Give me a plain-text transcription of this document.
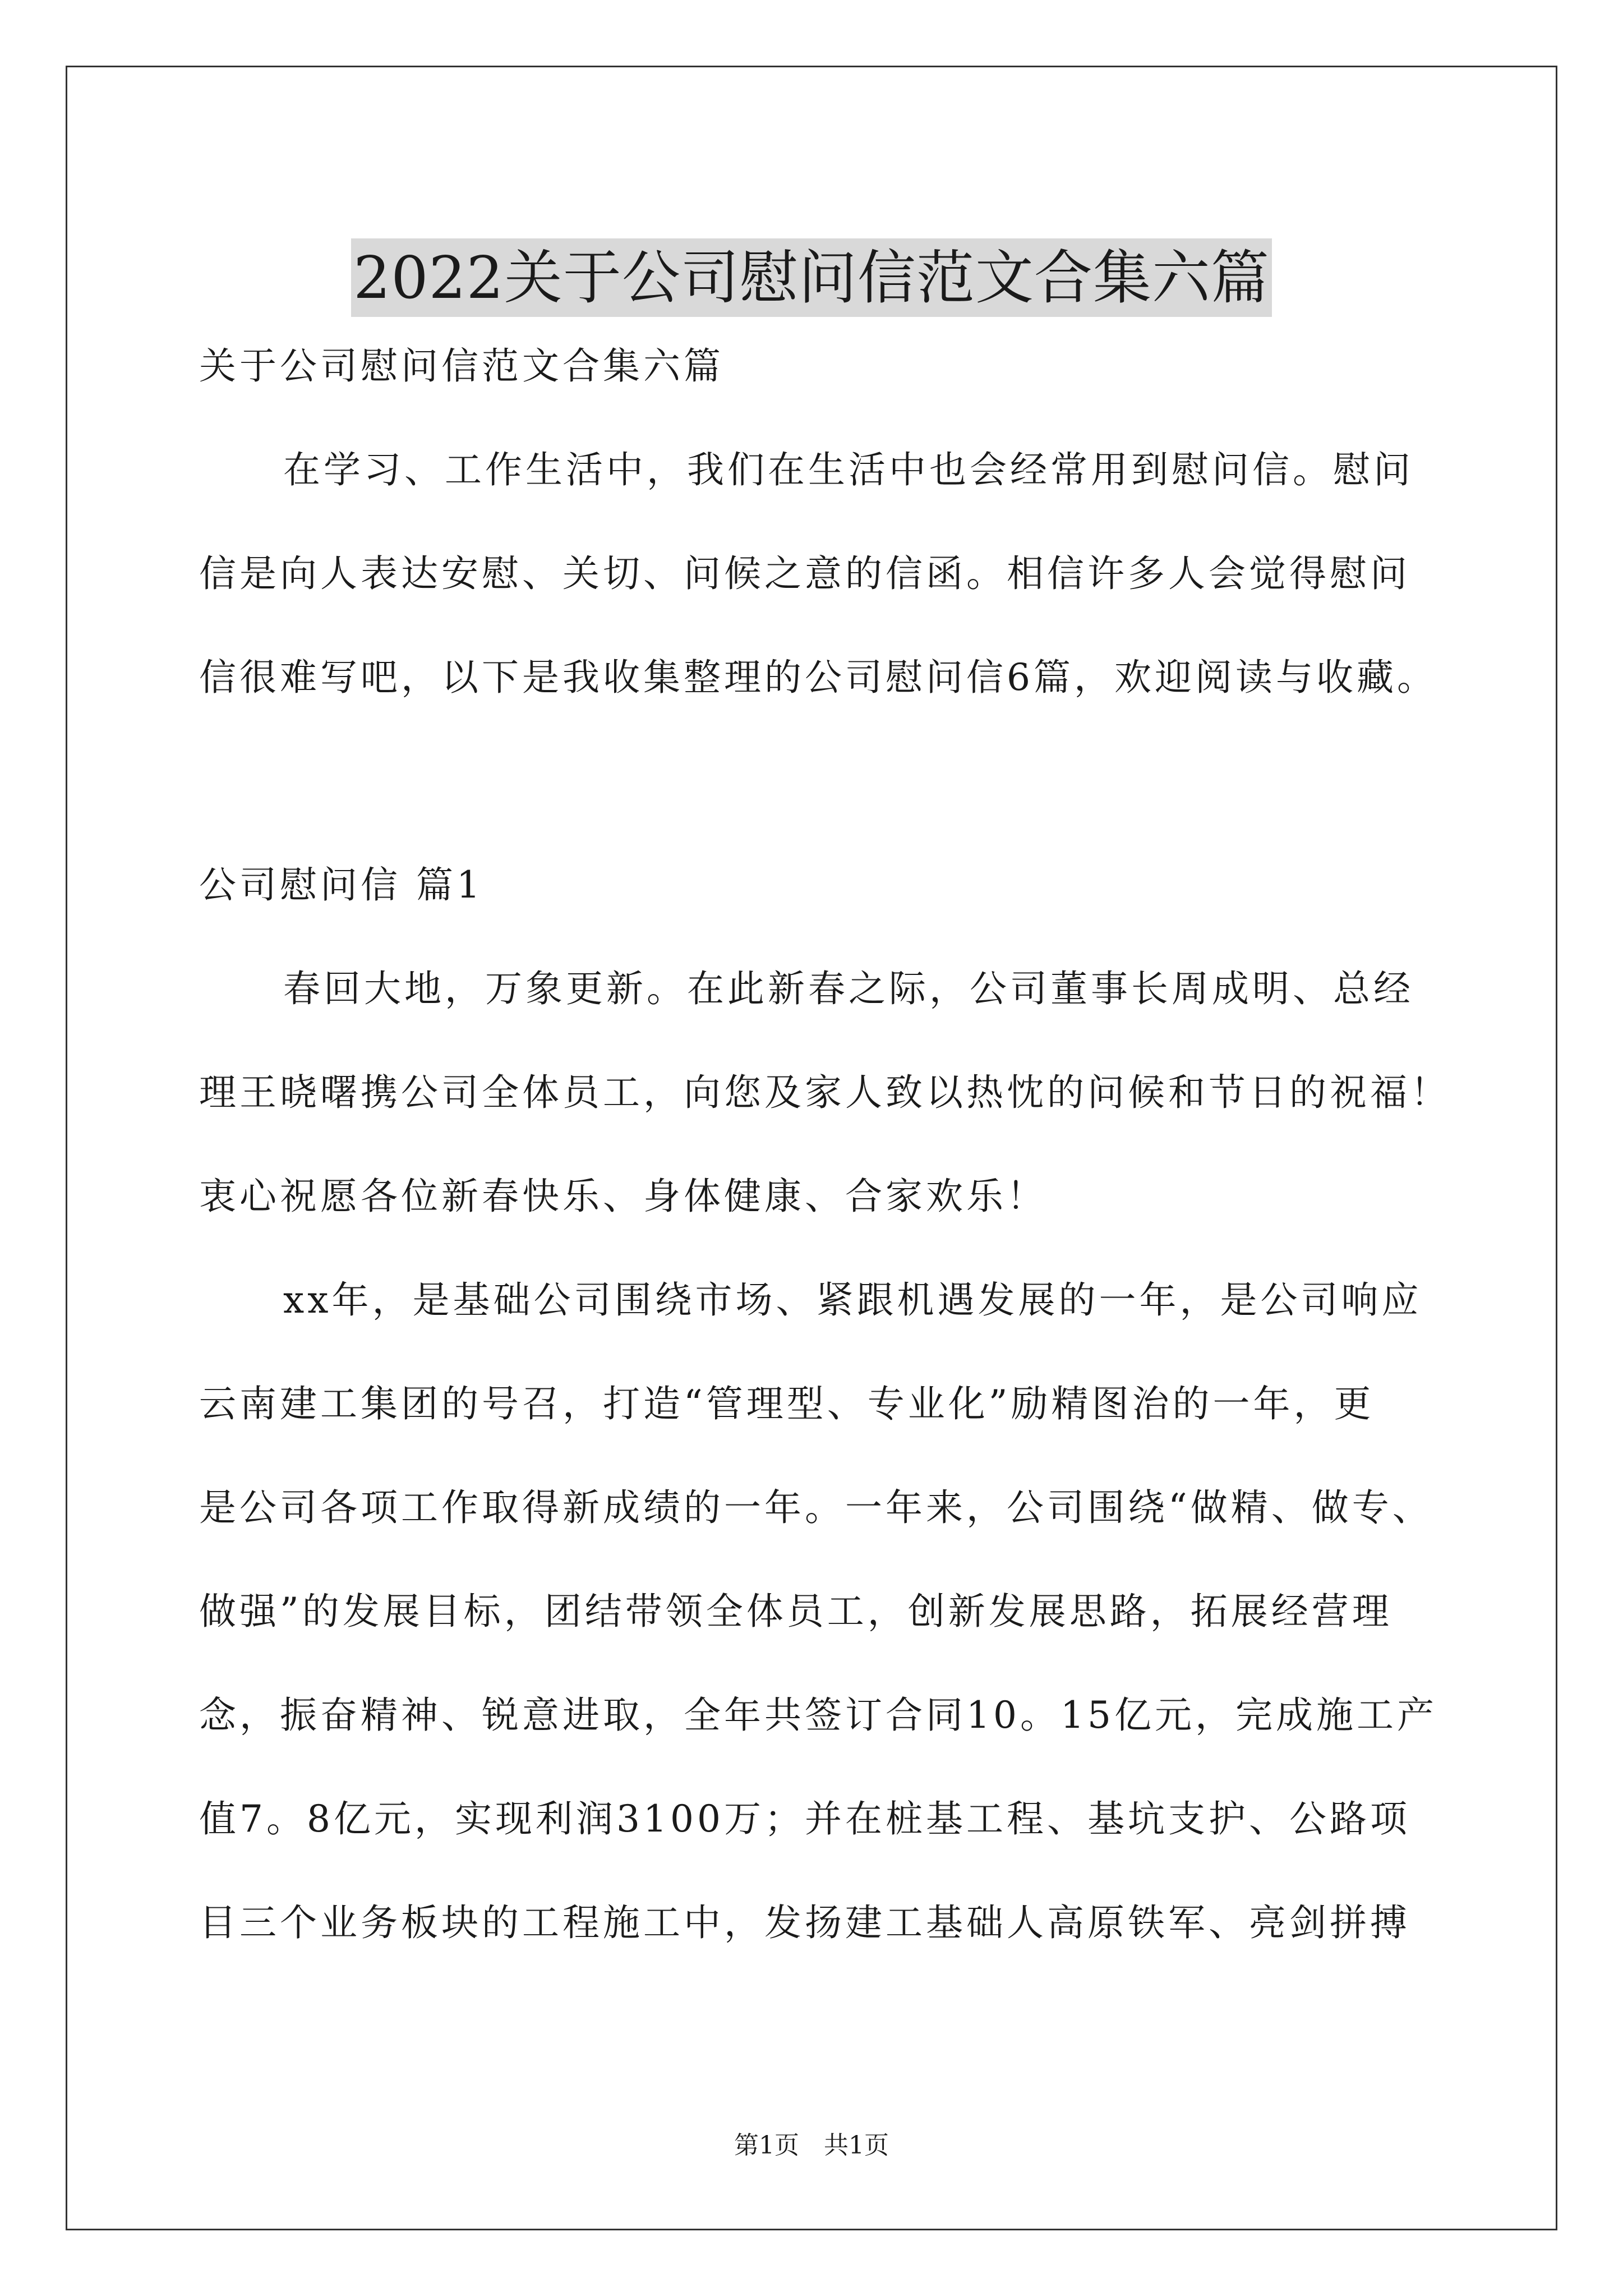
2022关于公司慰问信范文合集六篇
关于公司慰问信范文合集六篇
在学习、工作生活中，我们在生活中也会经常用到慰问信。慰问
信是向人表达安慰、关切、问候之意的信函。相信许多人会觉得慰问
信很难写吧，以下是我收集整理的公司慰问信6篇，欢迎阅读与收藏。
公司慰问信 篇1
春回大地，万象更新。在此新春之际，公司董事长周成明、总经
理王晓曙携公司全体员工，向您及家人致以热忱的问候和节日的祝福！
衷心祝愿各位新春快乐、身体健康、合家欢乐！
xx年，是基础公司围绕市场、紧跟机遇发展的一年，是公司响应
云南建工集团的号召，打造“管理型、专业化”励精图治的一年，更
是公司各项工作取得新成绩的一年。一年来，公司围绕“做精、做专、
做强”的发展目标，团结带领全体员工，创新发展思路，拓展经营理
念，振奋精神、锐意进取，全年共签订合同10。15亿元，完成施工产
值7。8亿元，实现利润3100万；并在桩基工程、基坑支护、公路项
目三个业务板块的工程施工中，发扬建工基础人高原铁军、亮剑拼搏
第1页　共1页
